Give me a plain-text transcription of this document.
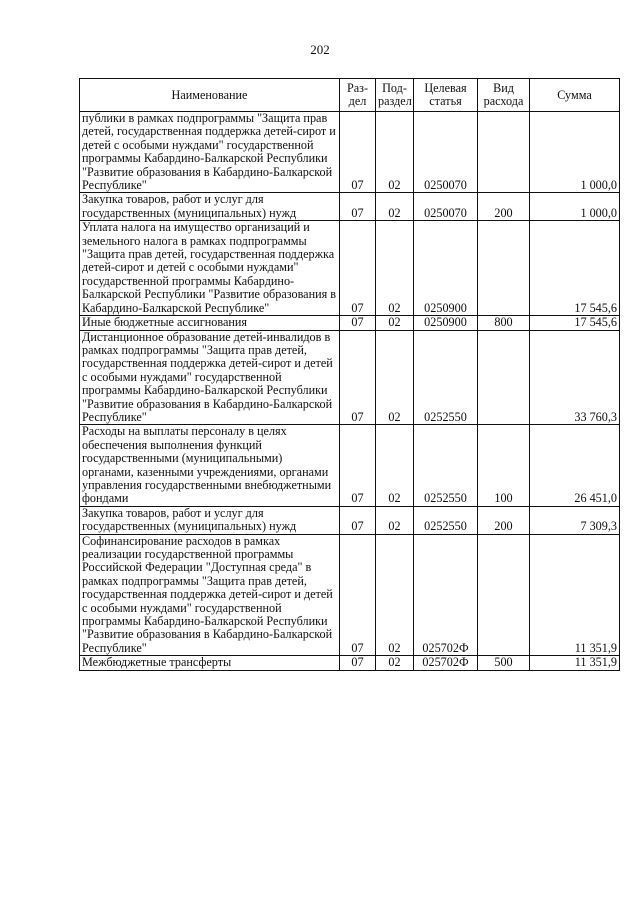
202
Наименование	Раз-дел	Под-раздел	Целевая статья	Вид расхода	Сумма
публики в рамках подпрограммы "Защита прав детей, государственная поддержка детей-сирот и детей с особыми нуждами" государственной программы Кабардино-Балкарской Республики "Развитие образования в Кабардино-Балкарской Республике"	07	02	0250070		1 000,0
Закупка товаров, работ и услуг для государственных (муниципальных) нужд	07	02	0250070	200	1 000,0
Уплата налога на имущество организаций и земельного налога в рамках подпрограммы "Защита прав детей, государственная поддержка детей-сирот и детей с особыми нуждами" государственной программы Кабардино-Балкарской Республики "Развитие образования в Кабардино-Балкарской Республике"	07	02	0250900		17 545,6
Иные бюджетные ассигнования	07	02	0250900	800	17 545,6
Дистанционное образование детей-инвалидов в рамках подпрограммы "Защита прав детей, государственная поддержка детей-сирот и детей с особыми нуждами" государственной программы Кабардино-Балкарской Республики "Развитие образования в Кабардино-Балкарской Республике"	07	02	0252550		33 760,3
Расходы на выплаты персоналу в целях обеспечения выполнения функций государственными (муниципальными) органами, казенными учреждениями, органами управления государственными внебюджетными фондами	07	02	0252550	100	26 451,0
Закупка товаров, работ и услуг для государственных (муниципальных) нужд	07	02	0252550	200	7 309,3
Софинансирование расходов в рамках реализации государственной программы Российской Федерации "Доступная среда" в рамках подпрограммы "Защита прав детей, государственная поддержка детей-сирот и детей с особыми нуждами" государственной программы Кабардино-Балкарской Республики "Развитие образования в Кабардино-Балкарской Республике"	07	02	025702Ф		11 351,9
Межбюджетные трансферты	07	02	025702Ф	500	11 351,9
